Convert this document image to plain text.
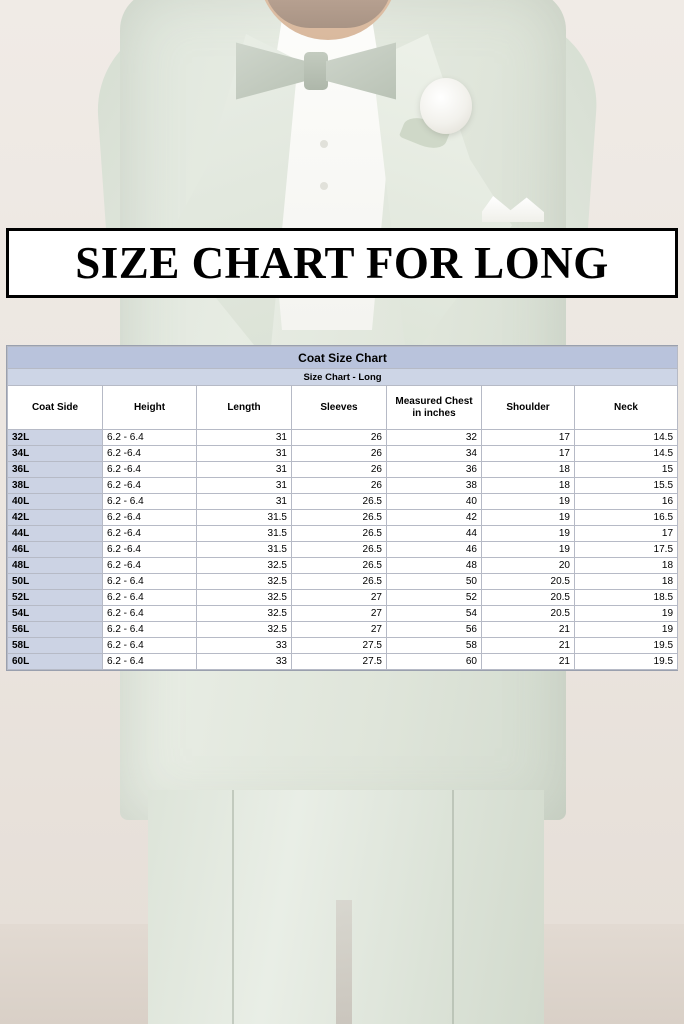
SIZE CHART FOR LONG
Coat Size Chart						
Size Chart - Long						
Coat Side	Height	Length	Sleeves	Measured Chest in inches	Shoulder	Neck
32L	6.2 - 6.4	31	26	32	17	14.5
34L	6.2 -6.4	31	26	34	17	14.5
36L	6.2 -6.4	31	26	36	18	15
38L	6.2 -6.4	31	26	38	18	15.5
40L	6.2 - 6.4	31	26.5	40	19	16
42L	6.2 -6.4	31.5	26.5	42	19	16.5
44L	6.2 -6.4	31.5	26.5	44	19	17
46L	6.2 -6.4	31.5	26.5	46	19	17.5
48L	6.2 -6.4	32.5	26.5	48	20	18
50L	6.2 - 6.4	32.5	26.5	50	20.5	18
52L	6.2 - 6.4	32.5	27	52	20.5	18.5
54L	6.2 - 6.4	32.5	27	54	20.5	19
56L	6.2 - 6.4	32.5	27	56	21	19
58L	6.2 - 6.4	33	27.5	58	21	19.5
60L	6.2 - 6.4	33	27.5	60	21	19.5
